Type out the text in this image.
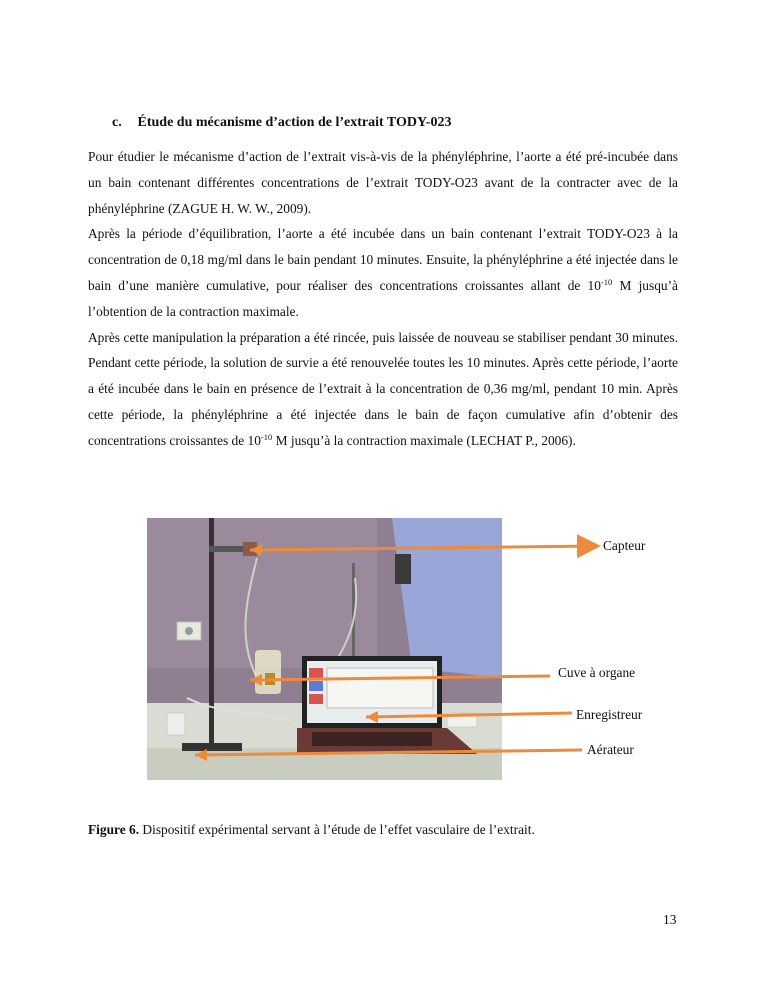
c. Étude du mécanisme d’action de l’extrait TODY-023

Pour étudier le mécanisme d’action de l’extrait vis-à-vis de la phényléphrine, l’aorte a été pré-incubée dans un bain contenant différentes concentrations de l’extrait TODY-O23 avant de la contracter avec de la phényléphrine (ZAGUE H. W. W., 2009).

Après la période d’équilibration, l’aorte a été incubée dans un bain contenant l’extrait TODY-O23 à la concentration de 0,18 mg/ml dans le bain pendant 10 minutes. Ensuite, la phényléphrine a été injectée dans le bain d’une manière cumulative, pour réaliser des concentrations croissantes allant de $10^{-10}$ M jusqu’à l’obtention de la contraction maximale.

Après cette manipulation la préparation a été rincée, puis laissée de nouveau se stabiliser pendant 30 minutes. Pendant cette période, la solution de survie a été renouvelée toutes les 10 minutes. Après cette période, l’aorte a été incubée dans le bain en présence de l’extrait à la concentration de 0,36 mg/ml, pendant 10 min. Après cette période, la phényléphrine a été injectée dans le bain de façon cumulative afin d’obtenir des concentrations croissantes de $10^{-10}$ M jusqu’à la contraction maximale (LECHAT P., 2006).

Capteur
Cuve à organe
Enregistreur
Aérateur
Figure 6. Dispositif expérimental servant à l’étude de l’effet vasculaire de l’extrait.
13
